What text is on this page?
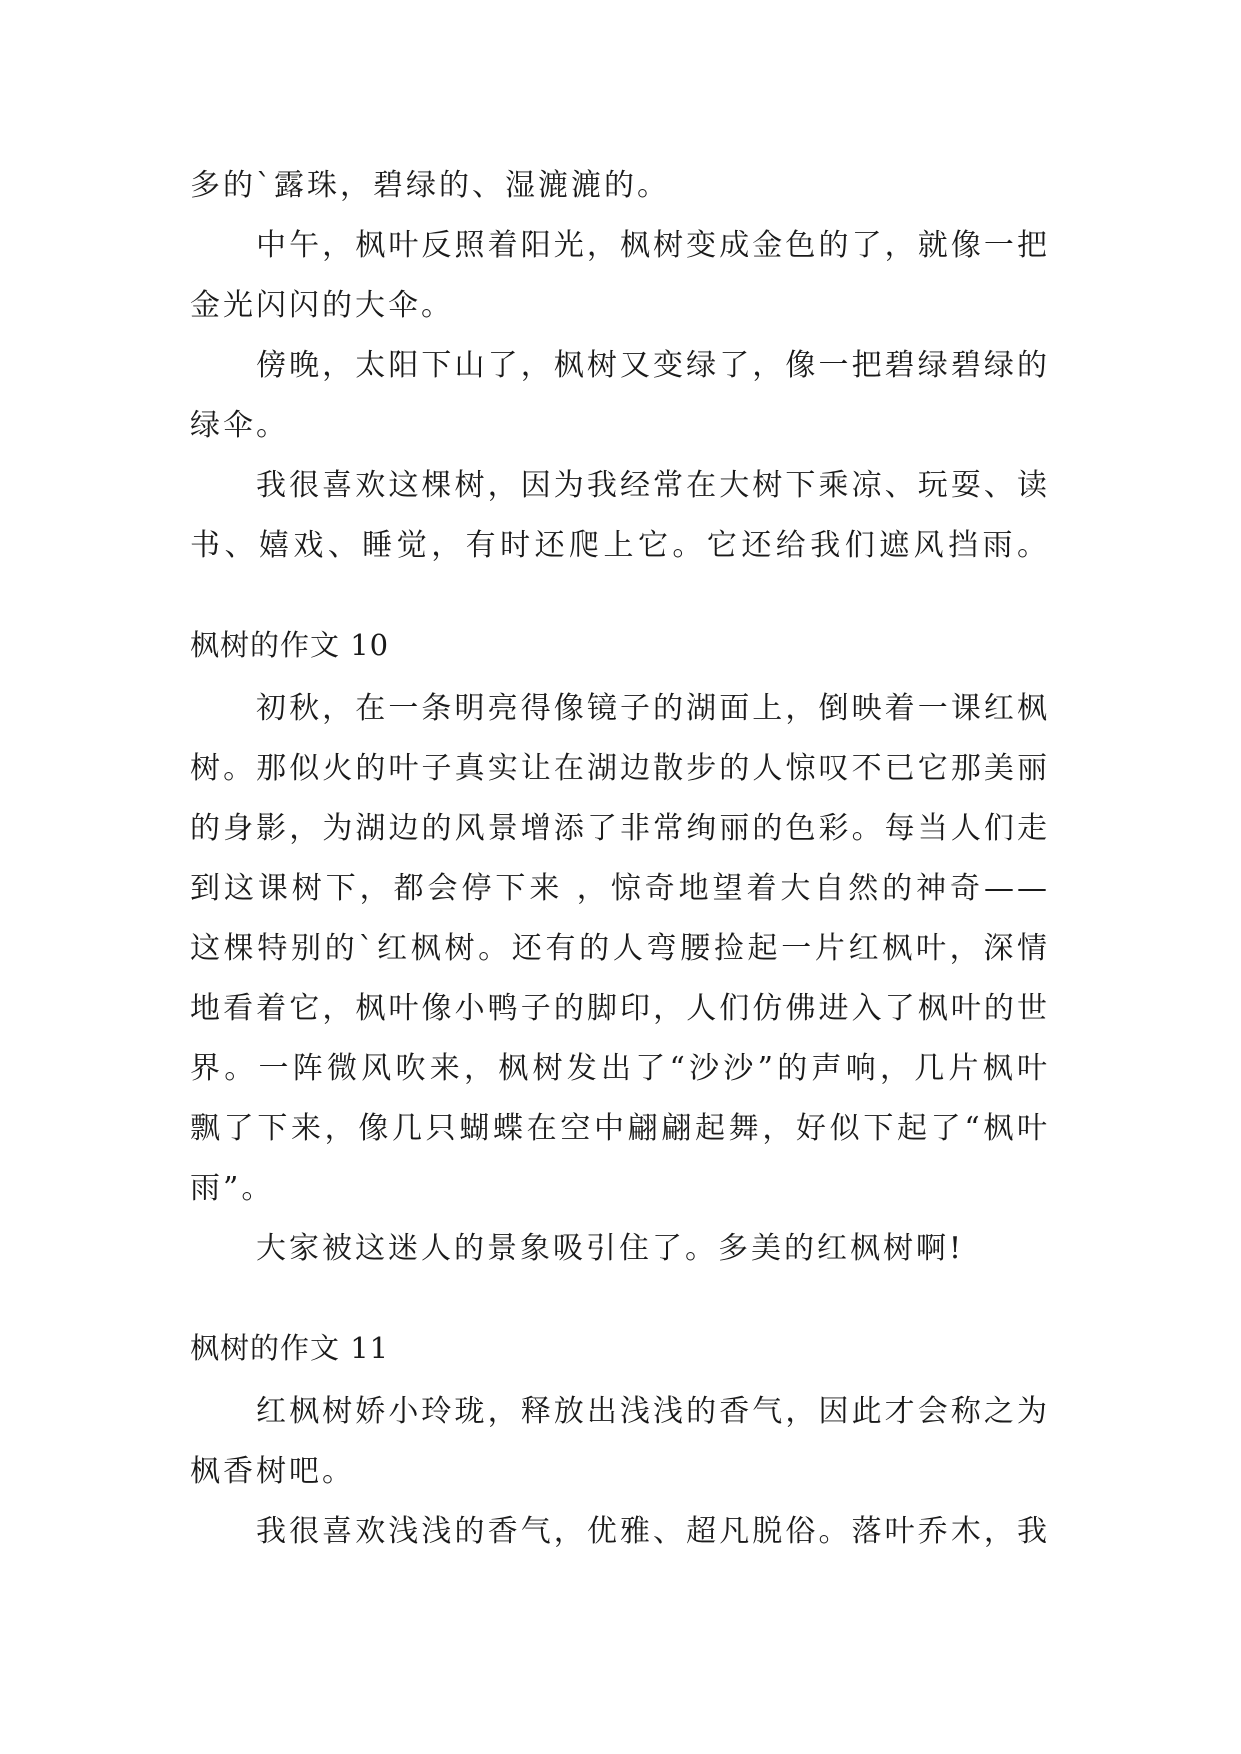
多的`露珠，碧绿的、湿漉漉的。
中午，枫叶反照着阳光，枫树变成金色的了，就像一把
金光闪闪的大伞。
傍晚，太阳下山了，枫树又变绿了，像一把碧绿碧绿的
绿伞。
我很喜欢这棵树，因为我经常在大树下乘凉、玩耍、读
书、嬉戏、睡觉，有时还爬上它。它还给我们遮风挡雨。
枫树的作文 10
初秋，在一条明亮得像镜子的湖面上，倒映着一课红枫
树。那似火的叶子真实让在湖边散步的人惊叹不已它那美丽
的身影，为湖边的风景增添了非常绚丽的色彩。每当人们走
到这课树下，都会停下来 ，惊奇地望着大自然的神奇——
这棵特别的`红枫树。还有的人弯腰捡起一片红枫叶，深情
地看着它，枫叶像小鸭子的脚印，人们仿佛进入了枫叶的世
界。一阵微风吹来，枫树发出了“沙沙”的声响，几片枫叶
飘了下来，像几只蝴蝶在空中翩翩起舞，好似下起了“枫叶
雨”。
大家被这迷人的景象吸引住了。多美的红枫树啊!
枫树的作文 11
红枫树娇小玲珑，释放出浅浅的香气，因此才会称之为
枫香树吧。
我很喜欢浅浅的香气，优雅、超凡脱俗。落叶乔木，我
